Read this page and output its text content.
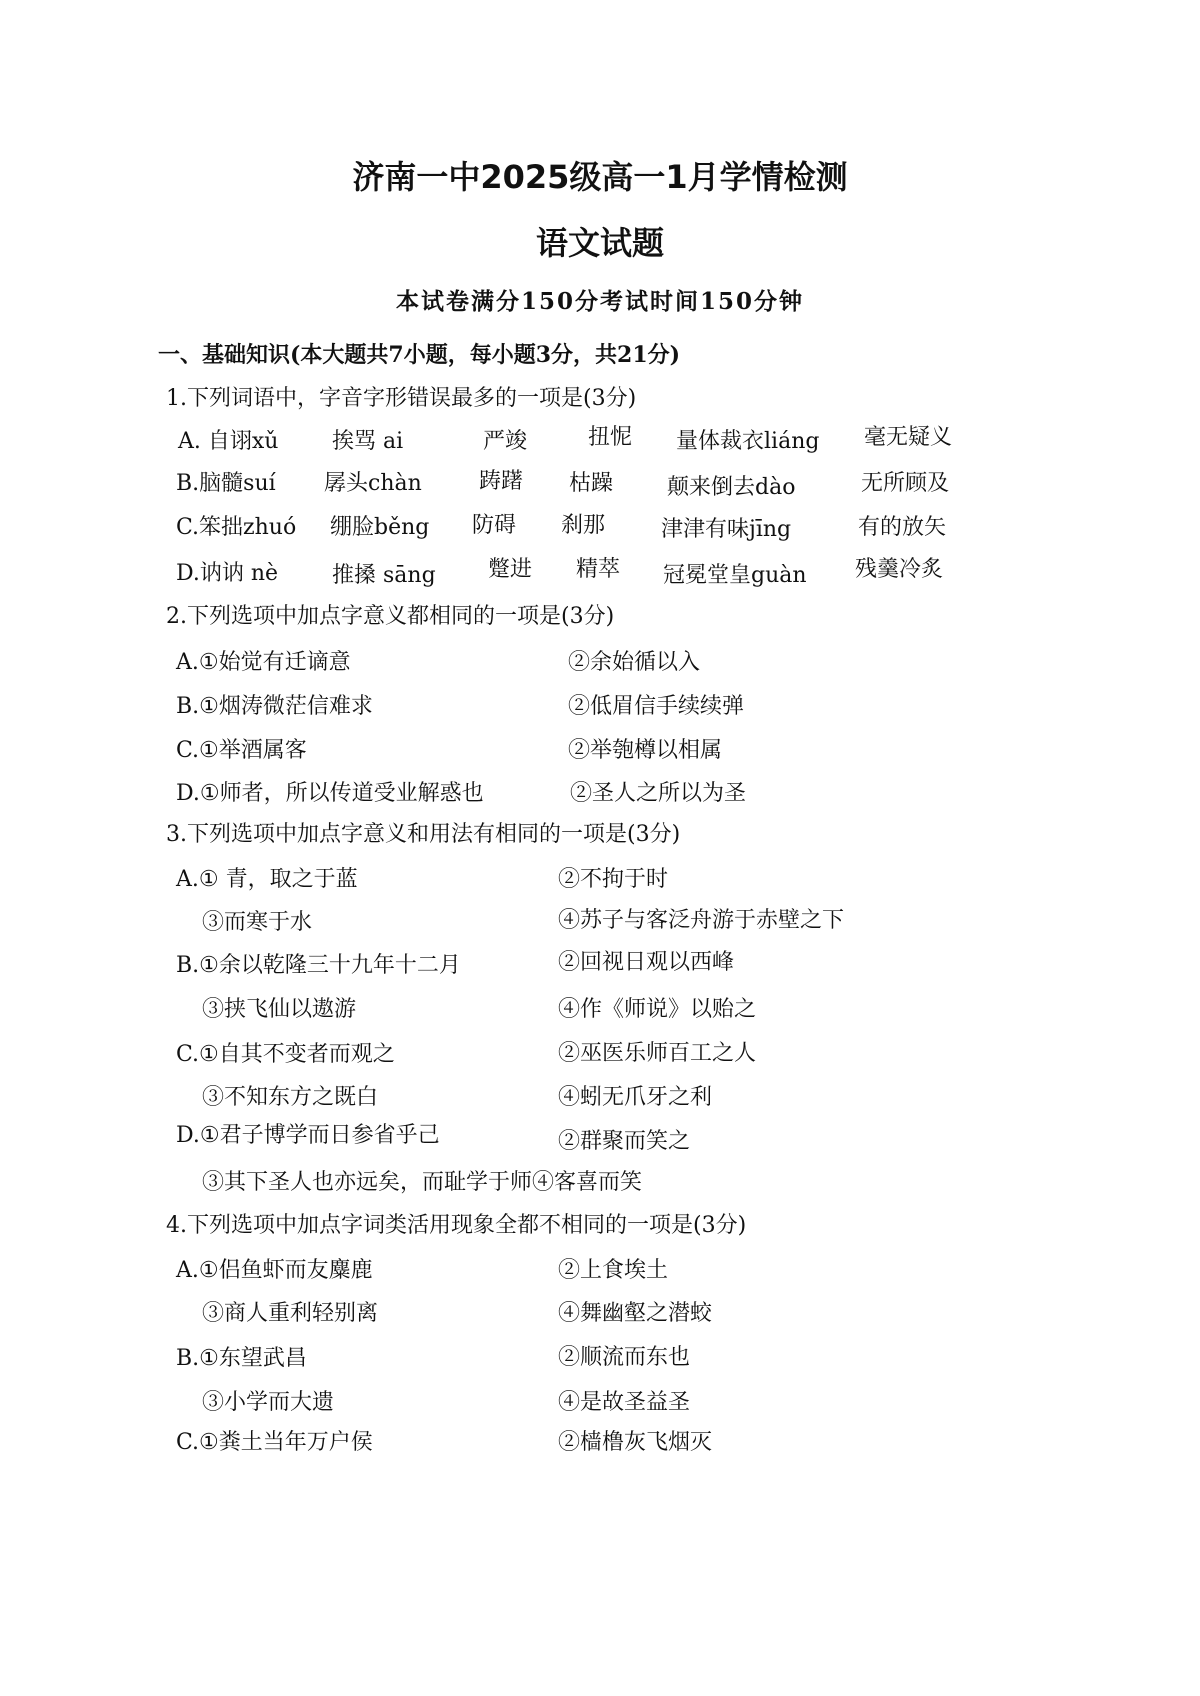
济南一中2025级高一1月学情检测
语文试题
本试卷满分150分考试时间150分钟
一、基础知识(本大题共7小题，每小题3分，共21分)
1.下列词语中，字音字形错误最多的一项是(3分)
A. 自诩xǔ 挨骂 ai	严竣	扭怩 量体裁衣liáng 毫无疑义
B.脑髓suí 孱头chàn	踌躇 枯躁 颠来倒去dào	无所顾及
C.笨拙zhuó 绷脸běng 防碍 刹那	津津有味jīng	有的放矢
D.讷讷 nè 推搡 sāng 蹩进 精萃 冠冕堂皇guàn 残羹冷炙
2.下列选项中加点字意义都相同的一项是(3分)
A.①始觉有迁谪意	②余始循以入
B.①烟涛微茫信难求	②低眉信手续续弹
C.①举酒属客	②举匏樽以相属
D.①师者，所以传道受业解惑也	②圣人之所以为圣
3.下列选项中加点字意义和用法有相同的一项是(3分)
A.① 青，取之于蓝	②不拘于时
③而寒于水	④苏子与客泛舟游于赤壁之下
B.①余以乾隆三十九年十二月	②回视日观以西峰
③挟飞仙以遨游	④作《师说》以贻之
C.①自其不变者而观之	②巫医乐师百工之人
③不知东方之既白	④蚓无爪牙之利
D.①君子博学而日参省乎己	②群聚而笑之
③其下圣人也亦远矣，而耻学于师④客喜而笑
4.下列选项中加点字词类活用现象全都不相同的一项是(3分)
A.①侣鱼虾而友麋鹿	②上食埃土
③商人重利轻别离	④舞幽壑之潜蛟
B.①东望武昌	②顺流而东也
③小学而大遗	④是故圣益圣
C.①粪土当年万户侯	②樯橹灰飞烟灭
